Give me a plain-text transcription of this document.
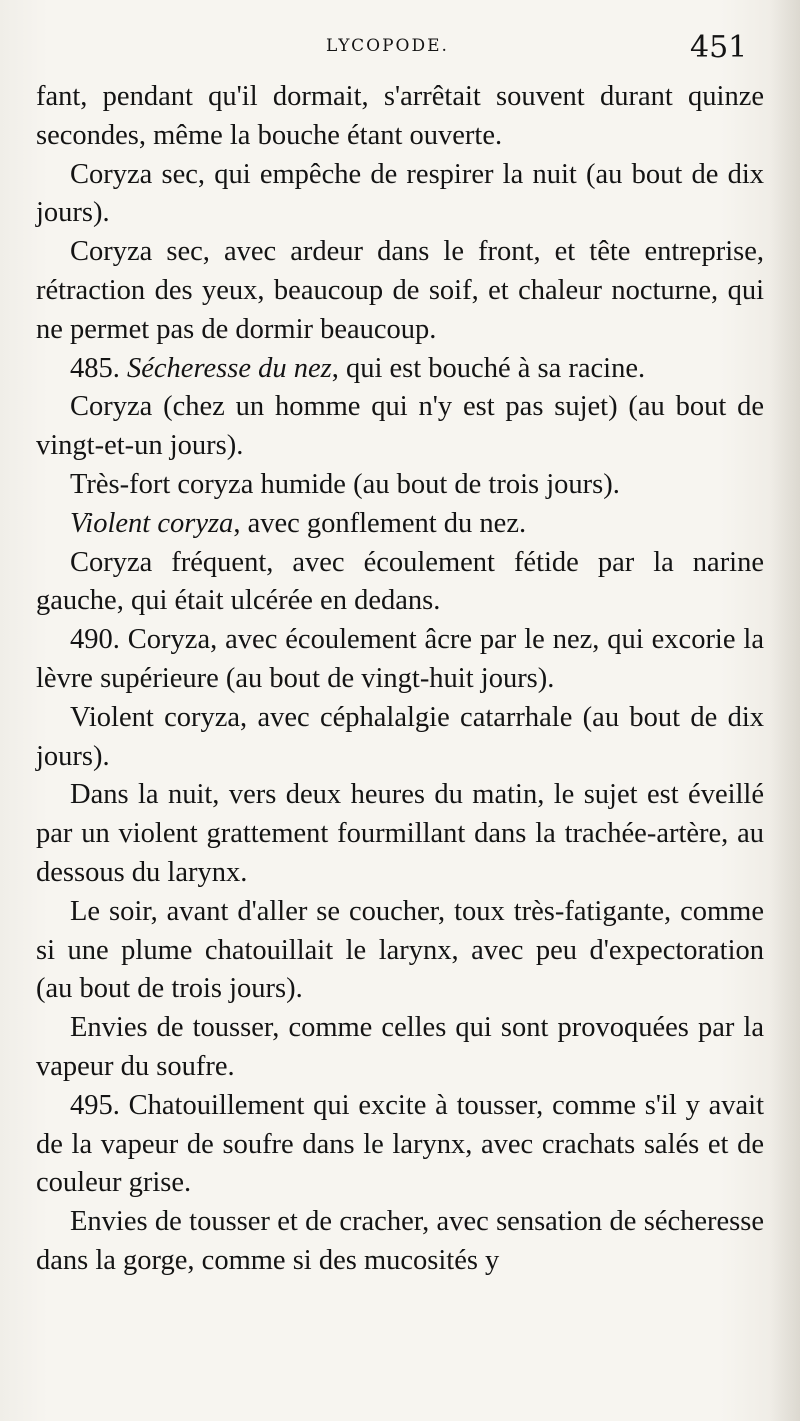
LYCOPODE.	451

fant, pendant qu'il dormait, s'arrêtait souvent durant quinze secondes, même la bouche étant ouverte.

Coryza sec, qui empêche de respirer la nuit (au bout de dix jours).

Coryza sec, avec ardeur dans le front, et tête entreprise, rétraction des yeux, beaucoup de soif, et chaleur nocturne, qui ne permet pas de dormir beaucoup.

485. Sécheresse du nez, qui est bouché à sa racine.

Coryza (chez un homme qui n'y est pas sujet) (au bout de vingt-et-un jours).

Très-fort coryza humide (au bout de trois jours).

Violent coryza, avec gonflement du nez.

Coryza fréquent, avec écoulement fétide par la narine gauche, qui était ulcérée en dedans.

490. Coryza, avec écoulement âcre par le nez, qui excorie la lèvre supérieure (au bout de vingt-huit jours).

Violent coryza, avec céphalalgie catarrhale (au bout de dix jours).

Dans la nuit, vers deux heures du matin, le sujet est éveillé par un violent grattement fourmillant dans la trachée-artère, au dessous du larynx.

Le soir, avant d'aller se coucher, toux très-fatigante, comme si une plume chatouillait le larynx, avec peu d'expectoration (au bout de trois jours).

Envies de tousser, comme celles qui sont provoquées par la vapeur du soufre.

495. Chatouillement qui excite à tousser, comme s'il y avait de la vapeur de soufre dans le larynx, avec crachats salés et de couleur grise.

Envies de tousser et de cracher, avec sensation de sécheresse dans la gorge, comme si des mucosités y
